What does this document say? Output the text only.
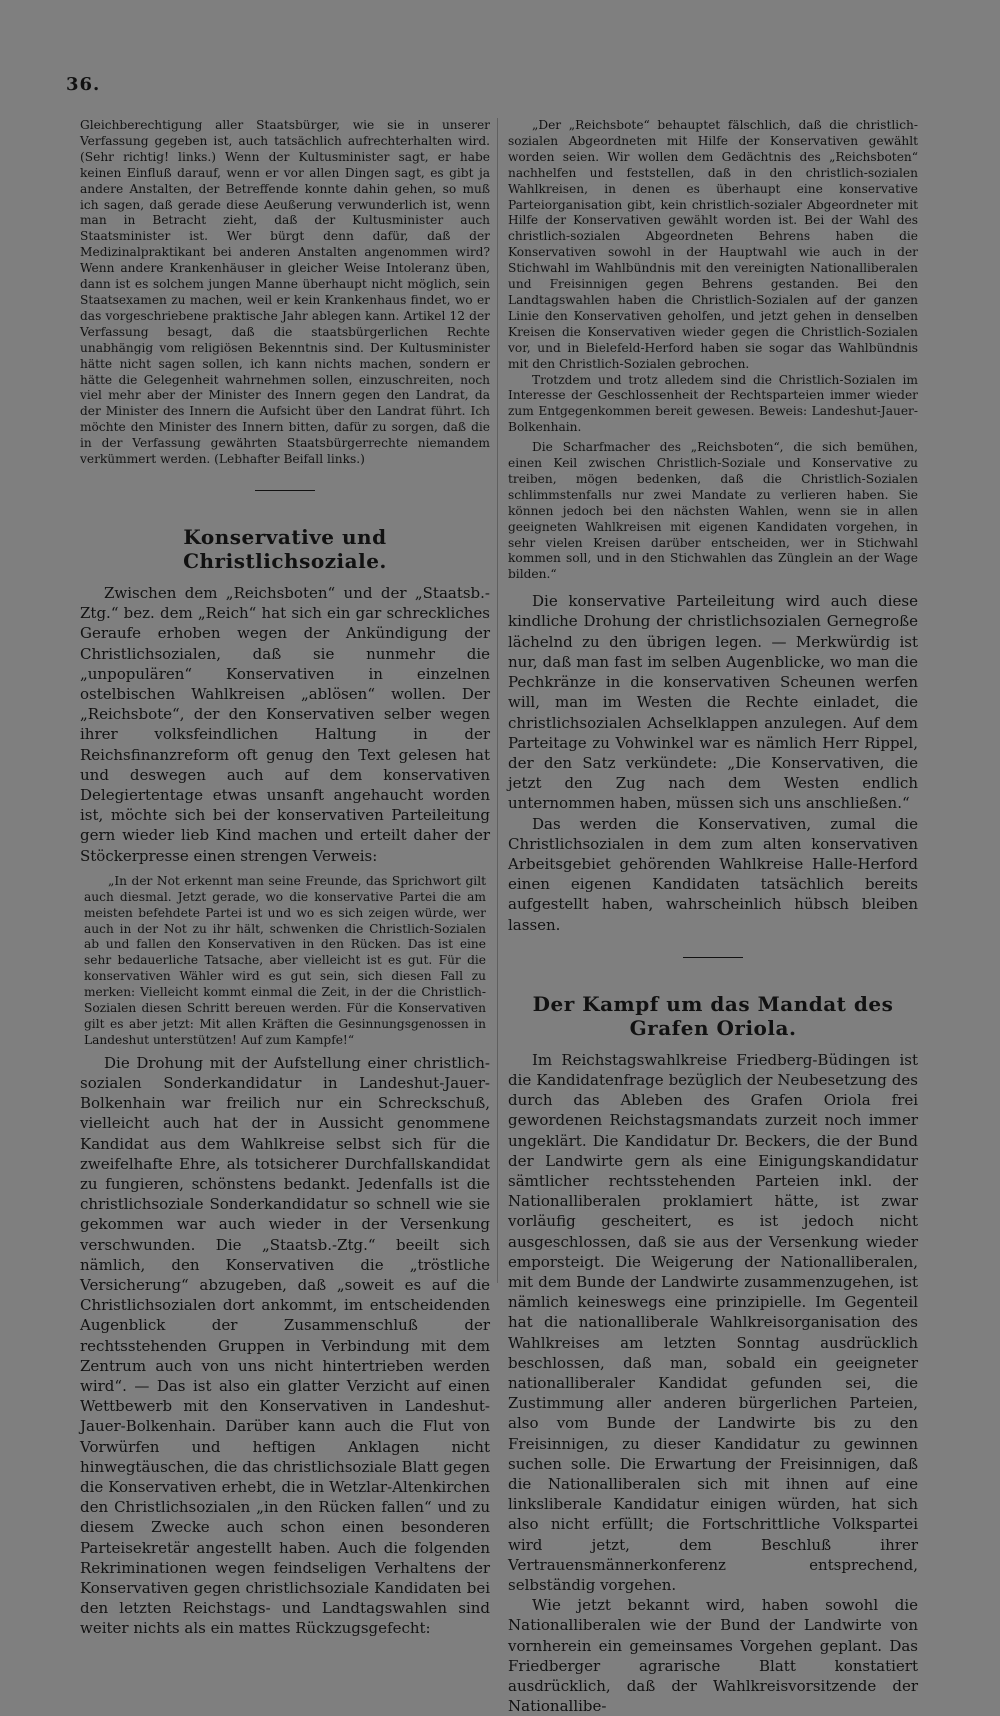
36.

Gleichberechtigung aller Staatsbürger, wie sie in unserer Verfassung gegeben ist, auch tatsächlich aufrechterhalten wird. (Sehr richtig! links.) Wenn der Kultusminister sagt, er habe keinen Einfluß darauf, wenn er vor allen Dingen sagt, es gibt ja andere Anstalten, der Betreffende konnte dahin gehen, so muß ich sagen, daß gerade diese Aeußerung verwunderlich ist, wenn man in Betracht zieht, daß der Kultusminister auch Staatsminister ist. Wer bürgt denn dafür, daß der Medizinalpraktikant bei anderen Anstalten angenommen wird? Wenn andere Krankenhäuser in gleicher Weise Intoleranz üben, dann ist es solchem jungen Manne überhaupt nicht möglich, sein Staatsexamen zu machen, weil er kein Krankenhaus findet, wo er das vorgeschriebene praktische Jahr ablegen kann. Artikel 12 der Verfassung besagt, daß die staatsbürgerlichen Rechte unabhängig vom religiösen Bekenntnis sind. Der Kultusminister hätte nicht sagen sollen, ich kann nichts machen, sondern er hätte die Gelegenheit wahrnehmen sollen, einzuschreiten, noch viel mehr aber der Minister des Innern gegen den Landrat, da der Minister des Innern die Aufsicht über den Landrat führt. Ich möchte den Minister des Innern bitten, dafür zu sorgen, daß die in der Verfassung gewährten Staatsbürgerrechte niemandem verkümmert werden. (Lebhafter Beifall links.)

Konservative und Christlichsoziale.

Zwischen dem „Reichsboten“ und der „Staatsb.-Ztg.“ bez. dem „Reich“ hat sich ein gar schreckliches Geraufe erhoben wegen der Ankündigung der Christlichsozialen, daß sie nunmehr die „unpopulären“ Konservativen in einzelnen ostelbischen Wahlkreisen „ablösen“ wollen. Der „Reichsbote“, der den Konservativen selber wegen ihrer volksfeindlichen Haltung in der Reichsfinanzreform oft genug den Text gelesen hat und deswegen auch auf dem konservativen Delegiertentage etwas unsanft angehaucht worden ist, möchte sich bei der konservativen Parteileitung gern wieder lieb Kind machen und erteilt daher der Stöckerpresse einen strengen Verweis:

„In der Not erkennt man seine Freunde, das Sprichwort gilt auch diesmal. Jetzt gerade, wo die konservative Partei die am meisten befehdete Partei ist und wo es sich zeigen würde, wer auch in der Not zu ihr hält, schwenken die Christlich-Sozialen ab und fallen den Konservativen in den Rücken. Das ist eine sehr bedauerliche Tatsache, aber vielleicht ist es gut. Für die konservativen Wähler wird es gut sein, sich diesen Fall zu merken: Vielleicht kommt einmal die Zeit, in der die Christlich-Sozialen diesen Schritt bereuen werden. Für die Konservativen gilt es aber jetzt: Mit allen Kräften die Gesinnungsgenossen in Landeshut unterstützen! Auf zum Kampfe!“

Die Drohung mit der Aufstellung einer christlich-sozialen Sonderkandidatur in Landeshut-Jauer-Bolkenhain war freilich nur ein Schreckschuß, vielleicht auch hat der in Aussicht genommene Kandidat aus dem Wahlkreise selbst sich für die zweifelhafte Ehre, als totsicherer Durchfallskandidat zu fungieren, schönstens bedankt. Jedenfalls ist die christlichsoziale Sonderkandidatur so schnell wie sie gekommen war auch wieder in der Versenkung verschwunden. Die „Staatsb.-Ztg.“ beeilt sich nämlich, den Konservativen die „tröstliche Versicherung“ abzugeben, daß „soweit es auf die Christlichsozialen dort ankommt, im entscheidenden Augenblick der Zusammenschluß der rechtsstehenden Gruppen in Verbindung mit dem Zentrum auch von uns nicht hintertrieben werden wird“. — Das ist also ein glatter Verzicht auf einen Wettbewerb mit den Konservativen in Landeshut-Jauer-Bolkenhain. Darüber kann auch die Flut von Vorwürfen und heftigen Anklagen nicht hinwegtäuschen, die das christlichsoziale Blatt gegen die Konservativen erhebt, die in Wetzlar-Altenkirchen den Christlichsozialen „in den Rücken fallen“ und zu diesem Zwecke auch schon einen besonderen Parteisekretär angestellt haben. Auch die folgenden Rekriminationen wegen feindseligen Verhaltens der Konservativen gegen christlichsoziale Kandidaten bei den letzten Reichstags- und Landtagswahlen sind weiter nichts als ein mattes Rückzugsgefecht:

„Der „Reichsbote“ behauptet fälschlich, daß die christlich-sozialen Abgeordneten mit Hilfe der Konservativen gewählt worden seien. Wir wollen dem Gedächtnis des „Reichsboten“ nachhelfen und feststellen, daß in den christlich-sozialen Wahlkreisen, in denen es überhaupt eine konservative Parteiorganisation gibt, kein christlich-sozialer Abgeordneter mit Hilfe der Konservativen gewählt worden ist. Bei der Wahl des christlich-sozialen Abgeordneten Behrens haben die Konservativen sowohl in der Hauptwahl wie auch in der Stichwahl im Wahlbündnis mit den vereinigten Nationalliberalen und Freisinnigen gegen Behrens gestanden. Bei den Landtagswahlen haben die Christlich-Sozialen auf der ganzen Linie den Konservativen geholfen, und jetzt gehen in denselben Kreisen die Konservativen wieder gegen die Christlich-Sozialen vor, und in Bielefeld-Herford haben sie sogar das Wahlbündnis mit den Christlich-Sozialen gebrochen.

Trotzdem und trotz alledem sind die Christlich-Sozialen im Interesse der Geschlossenheit der Rechtsparteien immer wieder zum Entgegenkommen bereit gewesen. Beweis: Landeshut-Jauer-Bolkenhain.

Die Scharfmacher des „Reichsboten“, die sich bemühen, einen Keil zwischen Christlich-Soziale und Konservative zu treiben, mögen bedenken, daß die Christlich-Sozialen schlimmstenfalls nur zwei Mandate zu verlieren haben. Sie können jedoch bei den nächsten Wahlen, wenn sie in allen geeigneten Wahlkreisen mit eigenen Kandidaten vorgehen, in sehr vielen Kreisen darüber entscheiden, wer in Stichwahl kommen soll, und in den Stichwahlen das Zünglein an der Wage bilden.“

Die konservative Parteileitung wird auch diese kindliche Drohung der christlichsozialen Gernegroße lächelnd zu den übrigen legen. — Merkwürdig ist nur, daß man fast im selben Augenblicke, wo man die Pechkränze in die konservativen Scheunen werfen will, man im Westen die Rechte einladet, die christlichsozialen Achselklappen anzulegen. Auf dem Parteitage zu Vohwinkel war es nämlich Herr Rippel, der den Satz verkündete: „Die Konservativen, die jetzt den Zug nach dem Westen endlich unternommen haben, müssen sich uns anschließen.“

Das werden die Konservativen, zumal die Christlichsozialen in dem zum alten konservativen Arbeitsgebiet gehörenden Wahlkreise Halle-Herford einen eigenen Kandidaten tatsächlich bereits aufgestellt haben, wahrscheinlich hübsch bleiben lassen.

Der Kampf um das Mandat des Grafen Oriola.

Im Reichstagswahlkreise Friedberg-Büdingen ist die Kandidatenfrage bezüglich der Neubesetzung des durch das Ableben des Grafen Oriola frei gewordenen Reichstagsmandats zurzeit noch immer ungeklärt. Die Kandidatur Dr. Beckers, die der Bund der Landwirte gern als eine Einigungskandidatur sämtlicher rechtsstehenden Parteien inkl. der Nationalliberalen proklamiert hätte, ist zwar vorläufig gescheitert, es ist jedoch nicht ausgeschlossen, daß sie aus der Versenkung wieder emporsteigt. Die Weigerung der Nationalliberalen, mit dem Bunde der Landwirte zusammenzugehen, ist nämlich keineswegs eine prinzipielle. Im Gegenteil hat die nationalliberale Wahlkreisorganisation des Wahlkreises am letzten Sonntag ausdrücklich beschlossen, daß man, sobald ein geeigneter nationalliberaler Kandidat gefunden sei, die Zustimmung aller anderen bürgerlichen Parteien, also vom Bunde der Landwirte bis zu den Freisinnigen, zu dieser Kandidatur zu gewinnen suchen solle. Die Erwartung der Freisinnigen, daß die Nationalliberalen sich mit ihnen auf eine linksliberale Kandidatur einigen würden, hat sich also nicht erfüllt; die Fortschrittliche Volkspartei wird jetzt, dem Beschluß ihrer Vertrauensmännerkonferenz entsprechend, selbständig vorgehen.

Wie jetzt bekannt wird, haben sowohl die Nationalliberalen wie der Bund der Landwirte von vornherein ein gemeinsames Vorgehen geplant. Das Friedberger agrarische Blatt konstatiert ausdrücklich, daß der Wahlkreisvorsitzende der Nationallibe-
